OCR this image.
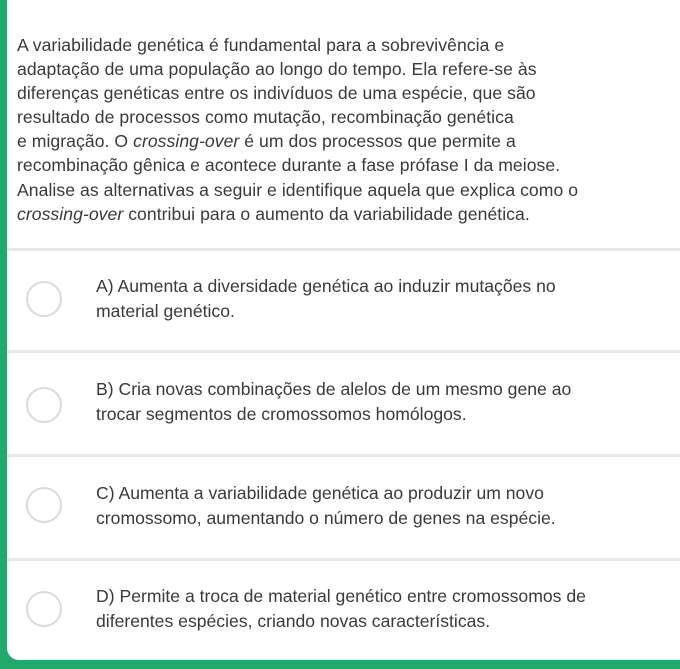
A variabilidade genética é fundamental para a sobrevivência e
adaptação de uma população ao longo do tempo. Ela refere-se às
diferenças genéticas entre os indivíduos de uma espécie, que são
resultado de processos como mutação, recombinação genética
e migração. O crossing-over é um dos processos que permite a
recombinação gênica e acontece durante a fase prófase I da meiose.
Analise as alternativas a seguir e identifique aquela que explica como o
crossing-over contribui para o aumento da variabilidade genética.

A) Aumenta a diversidade genética ao induzir mutações no
material genético.
B) Cria novas combinações de alelos de um mesmo gene ao
trocar segmentos de cromossomos homólogos.
C) Aumenta a variabilidade genética ao produzir um novo
cromossomo, aumentando o número de genes na espécie.
D) Permite a troca de material genético entre cromossomos de
diferentes espécies, criando novas características.
